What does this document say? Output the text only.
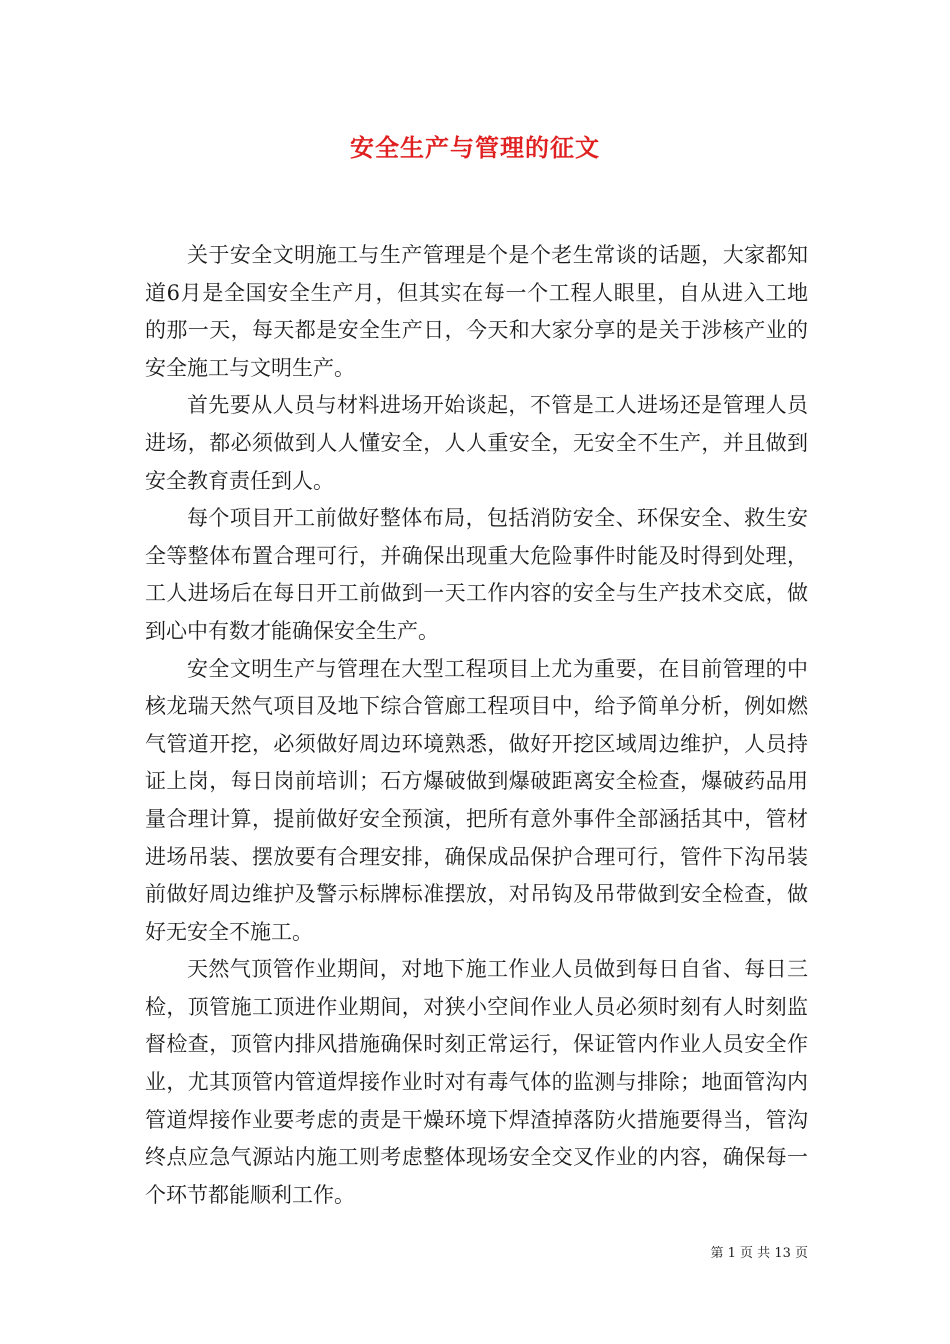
安全生产与管理的征文

关于安全文明施工与生产管理是个是个老生常谈的话题，大家都知道6月是全国安全生产月，但其实在每一个工程人眼里，自从进入工地的那一天，每天都是安全生产日，今天和大家分享的是关于涉核产业的安全施工与文明生产。

首先要从人员与材料进场开始谈起，不管是工人进场还是管理人员进场，都必须做到人人懂安全，人人重安全，无安全不生产，并且做到安全教育责任到人。

每个项目开工前做好整体布局，包括消防安全、环保安全、救生安全等整体布置合理可行，并确保出现重大危险事件时能及时得到处理，工人进场后在每日开工前做到一天工作内容的安全与生产技术交底，做到心中有数才能确保安全生产。

安全文明生产与管理在大型工程项目上尤为重要，在目前管理的中核龙瑞天然气项目及地下综合管廊工程项目中，给予简单分析，例如燃气管道开挖，必须做好周边环境熟悉，做好开挖区域周边维护，人员持证上岗，每日岗前培训；石方爆破做到爆破距离安全检查，爆破药品用量合理计算，提前做好安全预演，把所有意外事件全部涵括其中，管材进场吊装、摆放要有合理安排，确保成品保护合理可行，管件下沟吊装前做好周边维护及警示标牌标准摆放，对吊钩及吊带做到安全检查，做好无安全不施工。

天然气顶管作业期间，对地下施工作业人员做到每日自省、每日三检，顶管施工顶进作业期间，对狭小空间作业人员必须时刻有人时刻监督检查，顶管内排风措施确保时刻正常运行，保证管内作业人员安全作业，尤其顶管内管道焊接作业时对有毒气体的监测与排除；地面管沟内管道焊接作业要考虑的责是干燥环境下焊渣掉落防火措施要得当，管沟终点应急气源站内施工则考虑整体现场安全交叉作业的内容，确保每一个环节都能顺利工作。

第 1 页 共 13 页
